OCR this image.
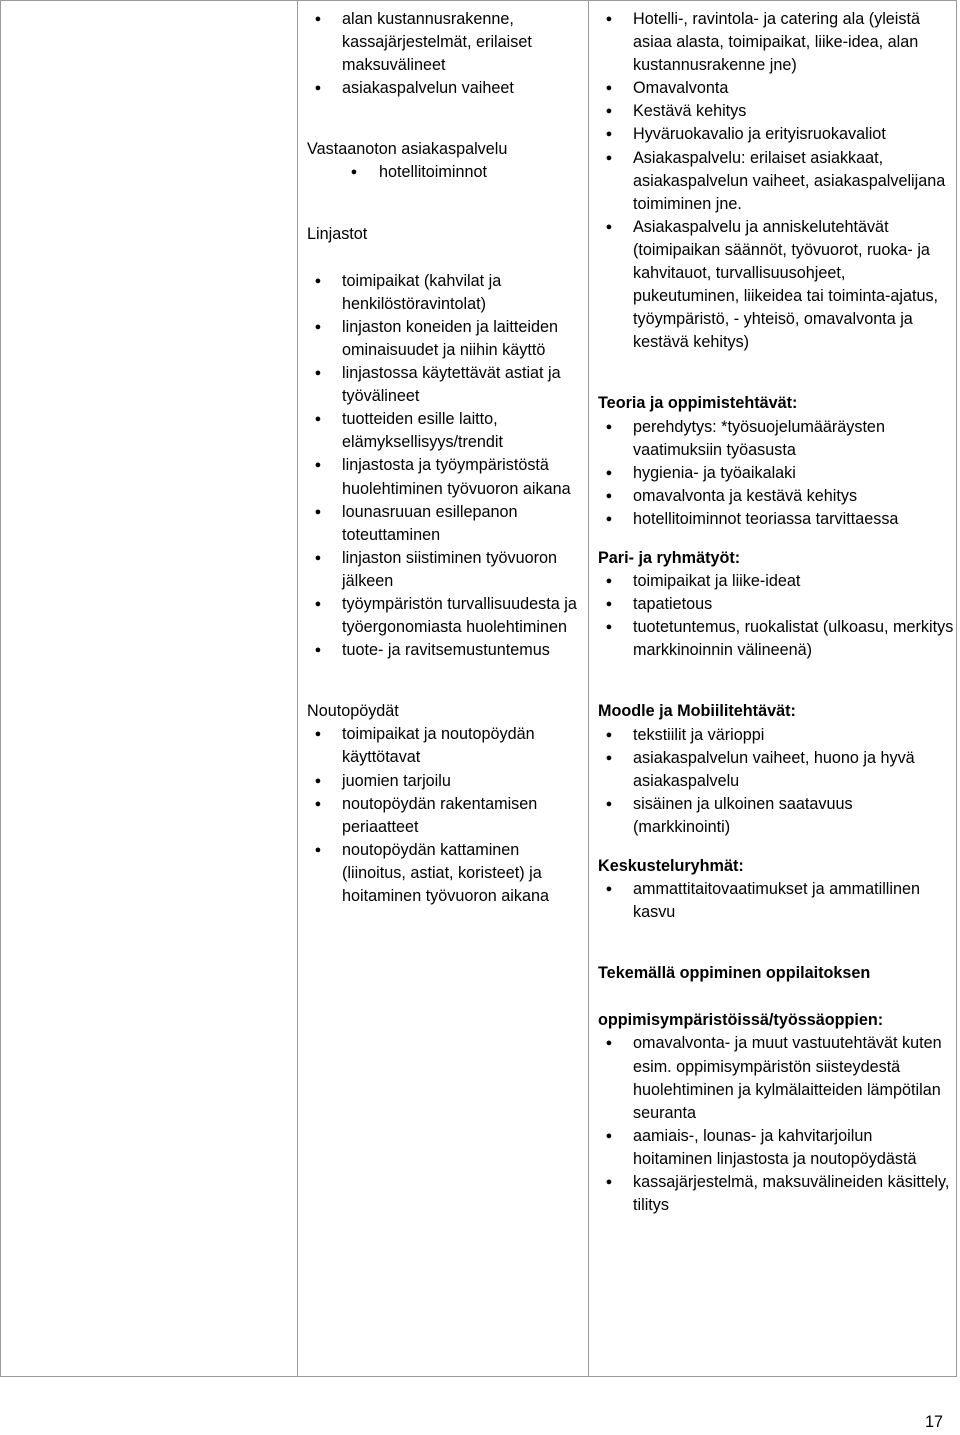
● alan kustannusrakenne, kassajärjestelmät, erilaiset maksuvälineet
● asiakaspalvelun vaiheet

Vastaanoton asiakaspalvelu

● hotellitoiminnot

Linjastot

● toimipaikat (kahvilat ja henkilöstöravintolat)
● linjaston koneiden ja laitteiden ominaisuudet ja niihin käyttö
● linjastossa käytettävät astiat ja työvälineet
● tuotteiden esille laitto, elämyksellisyys/trendit
● linjastosta ja työympäristöstä huolehtiminen työvuoron aikana
● lounasruuan esillepanon toteuttaminen
● linjaston siistiminen työvuoron jälkeen
● työympäristön turvallisuudesta ja työergonomiasta huolehtiminen
● tuote- ja ravitsemustuntemus

Noutopöydät

● toimipaikat ja noutopöydän käyttötavat
● juomien tarjoilu
● noutopöydän rakentamisen periaatteet
● noutopöydän kattaminen (liinoitus, astiat, koristeet) ja hoitaminen työvuoron aikana
● Hotelli-, ravintola- ja catering ala (yleistä asiaa alasta, toimipaikat, liike-idea, alan kustannusrakenne jne)
● Omavalvonta
● Kestävä kehitys
● Hyväruokavalio ja erityisruokavaliot
● Asiakaspalvelu: erilaiset asiakkaat, asiakaspalvelun vaiheet, asiakaspalvelijana toimiminen jne.
● Asiakaspalvelu ja anniskelutehtävät (toimipaikan säännöt, työvuorot, ruoka- ja kahvitauot, turvallisuusohjeet, pukeutuminen, liikeidea tai toiminta-ajatus, työympäristö, - yhteisö, omavalvonta ja kestävä kehitys)

Teoria ja oppimistehtävät:

● perehdytys: *työsuojelumääräysten vaatimuksiin työasusta
● hygienia- ja työaikalaki
● omavalvonta ja kestävä kehitys
● hotellitoiminnot teoriassa tarvittaessa

Pari- ja ryhmätyöt:

● toimipaikat ja liike-ideat
● tapatietous
● tuotetuntemus, ruokalistat (ulkoasu, merkitys markkinoinnin välineenä)

Moodle ja Mobiilitehtävät:

● tekstiilit ja värioppi
● asiakaspalvelun vaiheet, huono ja hyvä asiakaspalvelu
● sisäinen ja ulkoinen saatavuus (markkinointi)

Keskusteluryhmät:

● ammattitaitovaatimukset ja ammatillinen kasvu

Tekemällä oppiminen oppilaitoksen

oppimisympäristöissä/työssäoppien:

● omavalvonta- ja muut vastuutehtävät kuten esim. oppimisympäristön siisteydestä huolehtiminen ja kylmälaitteiden lämpötilan seuranta
● aamiais-, lounas- ja kahvitarjoilun hoitaminen linjastosta ja noutopöydästä
● kassajärjestelmä, maksuvälineiden käsittely, tilitys
17
